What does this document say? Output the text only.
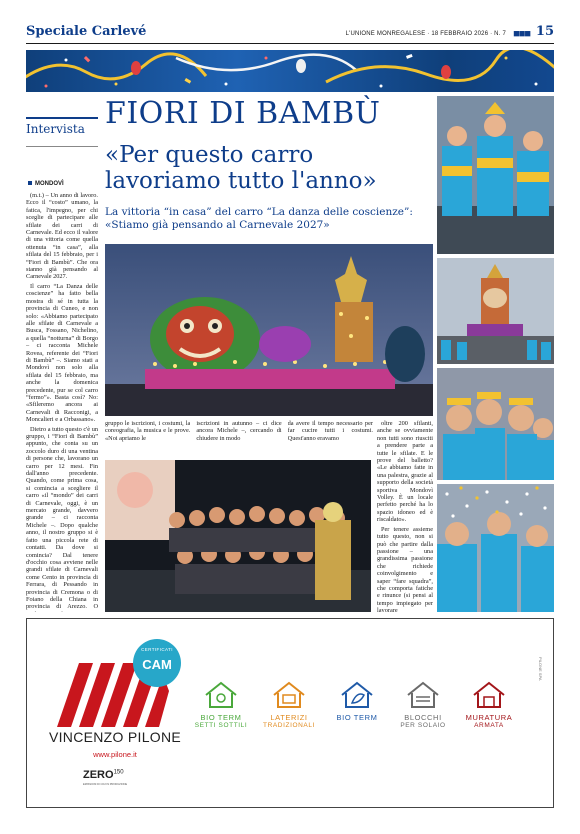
Speciale Carlevé	L'UNIONE MONREGALESE · 18 FEBBRAIO 2026 · N. 7 ■■■ 15
Intervista FIORI DI BAMBÙ
«Per questo carro lavoriamo tutto l'anno»
La vittoria “in casa” del carro “La danza delle coscienze”: «Stiamo già pensando al Carnevale 2027»
MONDOVÌ

(m.t.) – Un anno di lavoro. Ecco il “costo” umano, la fatica, l'impegno, per chi sceglie di partecipare alle sfilate dei carri di Carnevale. Ed ecco il valore di una vittoria come quella ottenuta “in casa”, alla sfilata del 15 febbraio, per i “Fiori di Bambù”. Che ora stanno già pensando al Carnevale 2027.

Il carro “La Danza delle coscienze” ha fatto bella mostra di sé in tutta la provincia di Cuneo, e non solo: «Abbiamo partecipato alle sfilate di Carnevale a Busca, Fossano, Nichelino, a quella “notturna” di Borgo – ci racconta Michele Rovea, referente dei “Fiori di Bambù” –. Siamo stati a Mondovì non solo alla sfilata del 15 febbraio, ma anche la domenica precedente, pur se col carro “fermo”». Basta così? No: «Sfileremo ancora ai Carnevali di Racconigi, a Moncalieri e a Orbassano».

Dietro a tutto questo c'è un gruppo, i “Fiori di Bambù” appunto, che conta su un zoccolo duro di una ventina di persone che, lavorano un carro per 12 mesi. Fin dall'anno precedente. Quando, come prima cosa, si comincia a scegliere il carro «il “mondo” dei carri di Carnevale, oggi, è un mercato grande, davvero grande – ci racconta Michele –. Dopo qualche anno, il nostro gruppo si è fatto una piccola rete di contatti. Da dove si comincia? Dal tenere d'occhio cosa avviene nelle grandi sfilate di Carnevali come Cento in provincia di Ferrara, di Pessando in provincia di Cremona o di Foiano della Chiana in provincia di Arezzo. O

gruppo le iscrizioni, i costumi, la coreografia, la musica e le prove. «Noi apriamo le
iscrizioni in autunno – ci dice ancora Michele –, cercando di chiudere in modo
da avere il tempo necessario per far cucire tutti i costumi. Quest'anno eravamo

oltre 200 sfilanti, anche se ovviamente non tutti sono riusciti a prendere parte a tutte le sfilate. E le prove del balletto? «Le abbiamo fatte in una palestra, grazie al supporto della società sportiva Mondovì Volley. È un locale perfetto perché ha lo spazio idoneo ed è riscaldato».

Per tenere assieme tutto questo, non si può che partire dalla passione – una grandissima passione che richiede coinvolgimento e saper “fare squadra”, che comporta fatiche e rinunce (si pensi al tempo impiegato per lavorare

PILONE SPA
CERTIFICATI
CAM
VINCENZO PILONE
www.pilone.it
ZERO$^{150}$
EMISSIONI DI CO2 IN PRODUZIONE
BIO TERM
SETTI SOTTILI
LATERIZI
TRADIZIONALI
BIO TERM	BLOCCHI
PER SOLAIO
MURATURA
ARMATA
